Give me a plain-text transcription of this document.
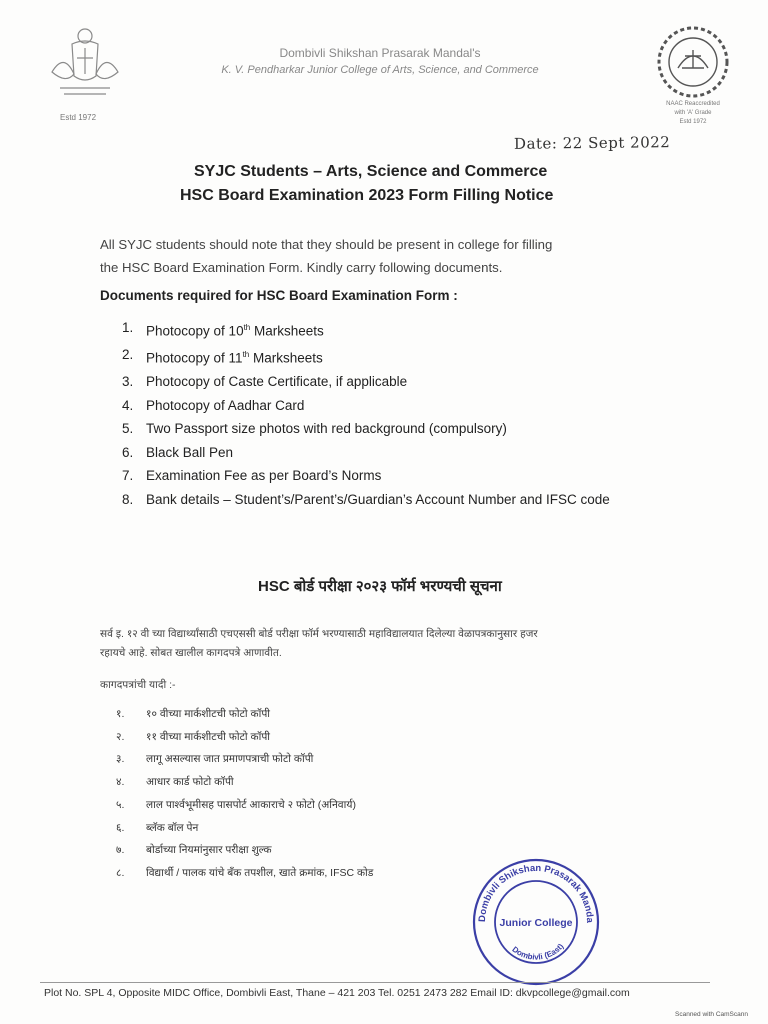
Estd 1972
NAAC Reaccredited
with 'A' Grade
Estd 1972
Dombivli Shikshan Prasarak Mandal's
K. V. Pendharkar Junior College of Arts, Science, and Commerce
Date: 22 Sept 2022
SYJC Students – Arts, Science and Commerce
HSC Board Examination 2023 Form Filling Notice
All SYJC students should note that they should be present in college for filling
the HSC Board Examination Form. Kindly carry following documents.
Documents required for HSC Board Examination Form :
1. Photocopy of 10th Marksheets
2. Photocopy of 11th Marksheets
3. Photocopy of Caste Certificate, if applicable
4. Photocopy of Aadhar Card
5. Two Passport size photos with red background (compulsory)
6. Black Ball Pen
7. Examination Fee as per Board’s Norms
8. Bank details – Student’s/Parent’s/Guardian’s Account Number and IFSC code
HSC बोर्ड परीक्षा २०२३ फॉर्म भरण्यची सूचना
सर्व इ. १२ वी च्या विद्यार्थ्यांसाठी एचएससी बोर्ड परीक्षा फॉर्म भरण्यासाठी महाविद्यालयात दिलेल्या वेळापत्रकानुसार हजर
रहायचे आहे. सोबत खालील कागदपत्रे आणावीत.
कागदपत्रांची यादी :-
१. १० वीच्या मार्कशीटची फोटो कॉपी
२. ११ वीच्या मार्कशीटची फोटो कॉपी
३. लागू असल्यास जात प्रमाणपत्राची फोटो कॉपी
४. आधार कार्ड फोटो कॉपी
५. लाल पार्श्वभूमीसह पासपोर्ट आकाराचे २ फोटो (अनिवार्य)
६. ब्लॅक बॉल पेन
७. बोर्डाच्या नियमांनुसार परीक्षा शुल्क
८. विद्यार्थी / पालक यांचे बँक तपशील, खाते क्रमांक, IFSC कोड
Dombivli Shikshan Prasarak Manda
Junior College
Dombivli (East)
Plot No. SPL 4, Opposite MIDC Office, Dombivli East, Thane – 421 203 Tel. 0251 2473 282 Email ID: dkvpcollege@gmail.com
Scanned with CamScann
